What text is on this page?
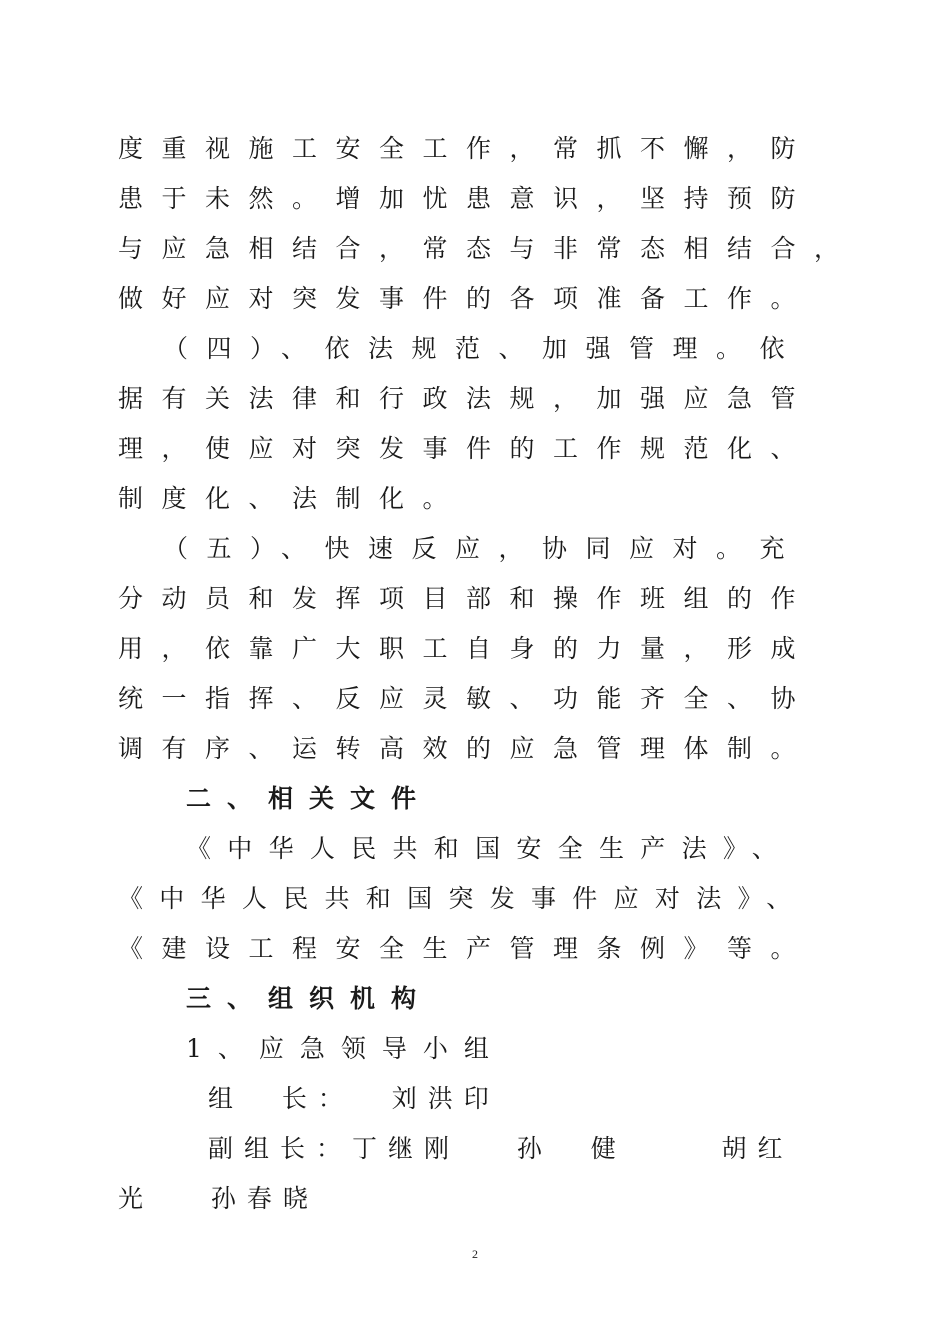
度重视施工安全工作，常抓不懈，防
患于未然。增加忧患意识，坚持预防
与应急相结合，常态与非常态相结合，
做好应对突发事件的各项准备工作。
（四）、依法规范、加强管理。依
据有关法律和行政法规，加强应急管
理，使应对突发事件的工作规范化、
制度化、法制化。
（五）、快速反应，协同应对。充
分动员和发挥项目部和操作班组的作
用，依靠广大职工自身的力量，形成
统一指挥、反应灵敏、功能齐全、协
调有序、运转高效的应急管理体制。
二、相关文件
《中华人民共和国安全生产法》、
《中华人民共和国突发事件应对法》、
《建设工程安全生产管理条例》等。
三、组织机构
1、应急领导小组
组  长：  刘洪印
副组长：丁继刚   孙  健     胡红
光   孙春晓
2
